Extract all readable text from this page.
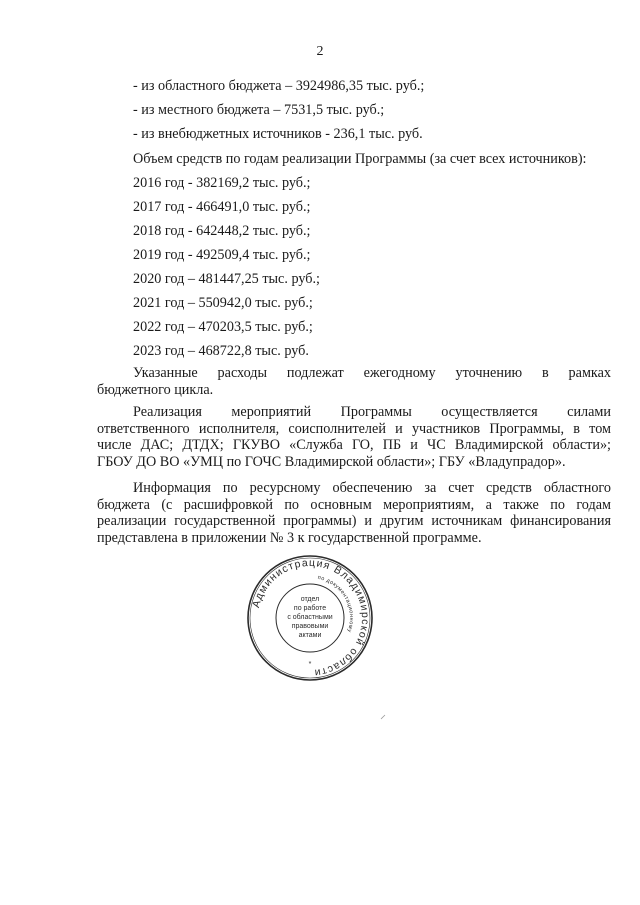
2
- из областного бюджета – 3924986,35 тыс. руб.;
- из местного бюджета – 7531,5 тыс. руб.;
- из внебюджетных источников - 236,1 тыс. руб.
Объем средств по годам реализации Программы (за счет всех источников):
2016 год - 382169,2 тыс. руб.;
2017 год - 466491,0 тыс. руб.;
2018 год - 642448,2 тыс. руб.;
2019 год - 492509,4 тыс. руб.;
2020 год – 481447,25 тыс. руб.;
2021 год – 550942,0 тыс. руб.;
2022 год – 470203,5 тыс. руб.;
2023 год – 468722,8 тыс. руб.
Указанные расходы подлежат ежегодному уточнению в рамках
бюджетного цикла.
Реализация мероприятий Программы осуществляется силами
ответственного исполнителя, соисполнителей и участников Программы, в том
числе ДАС; ДТДХ; ГКУВО «Служба ГО, ПБ и ЧС Владимирской области»;
ГБОУ ДО ВО «УМЦ по ГОЧС Владимирской области»; ГБУ «Владупрадор».
Информация по ресурсному обеспечению за счет средств областного
бюджета (с расшифровкой по основным мероприятиям, а также по годам
реализации государственной программы) и другим источникам финансирования
представлена в приложении № 3 к государственной программе.
Администрация Владимирской области
по документационному
*
отдел
по работе
с областными
правовыми
актами
